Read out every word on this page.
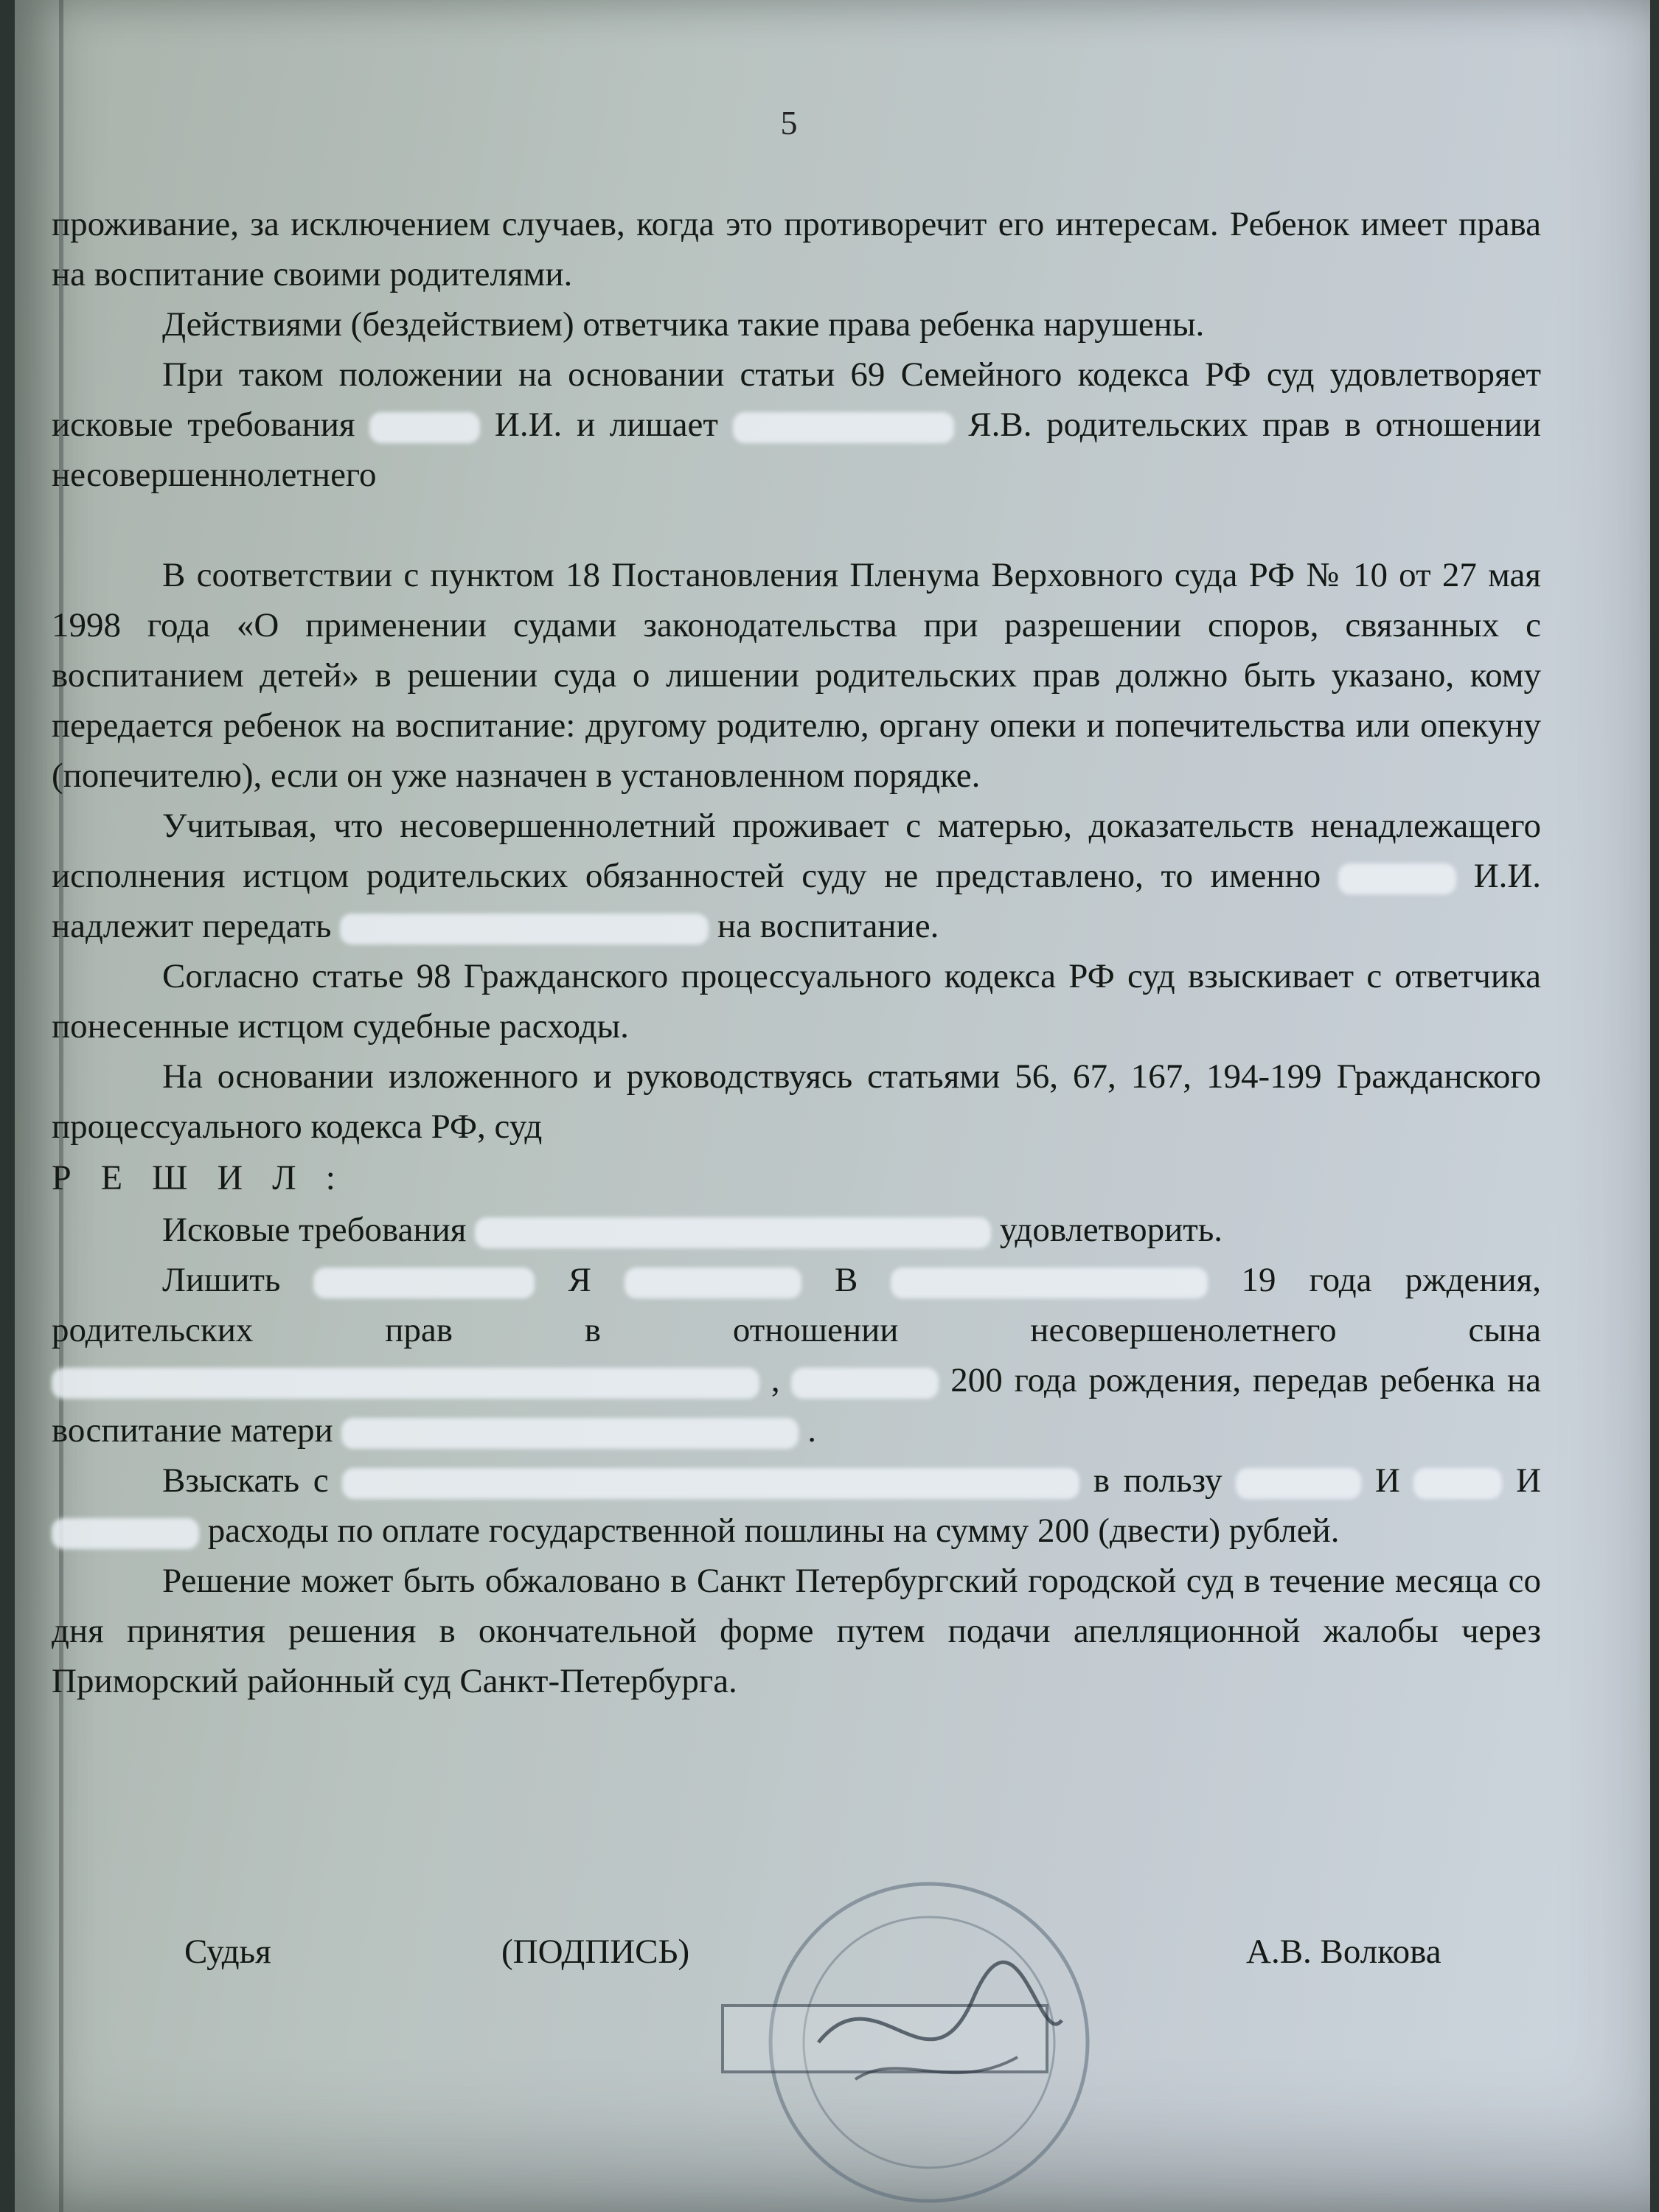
5

проживание, за исключением случаев, когда это противоречит его интересам. Ребенок имеет права на воспитание своими родителями.

Действиями (бездействием) ответчика такие права ребенка нарушены.

При таком положении на основании статьи 69 Семейного кодекса РФ суд удовлетворяет исковые требования	И.И. и лишает	Я.В. родительских прав в отношении несовершеннолетнего

В соответствии с пунктом 18 Постановления Пленума Верховного суда РФ № 10 от 27 мая 1998 года «О применении судами законодательства при разрешении споров, связанных с воспитанием детей» в решении суда о лишении родительских прав должно быть указано, кому передается ребенок на воспитание: другому родителю, органу опеки и попечительства или опекуну (попечителю), если он уже назначен в установленном порядке.

Учитывая, что несовершеннолетний проживает с матерью, доказательств ненадлежащего исполнения истцом родительских обязанностей суду не представлено, то именно	И.И. надлежит передать	на воспитание.

Согласно статье 98 Гражданского процессуального кодекса РФ суд взыскивает с ответчика понесенные истцом судебные расходы.

На основании изложенного и руководствуясь статьями 56, 67, 167, 194-199 Гражданского процессуального кодекса РФ, суд

Р Е Ш И Л :

Исковые требования	удовлетворить.

Лишить	Я	В	19 года рждения, родительских прав в отношении несовершенолетнего сына  ,	200 года рождения, передав ребенка на воспитание матери	.

Взыскать с	в пользу	И	И  расходы по оплате государственной пошлины на сумму 200 (двести) рублей.

Решение может быть обжаловано в Санкт Петербургский городской суд в течение месяца со дня принятия решения в окончательной форме путем подачи апелляционной жалобы через Приморский районный суд Санкт-Петербурга.

Судья	(ПОДПИСЬ)	А.В. Волкова
